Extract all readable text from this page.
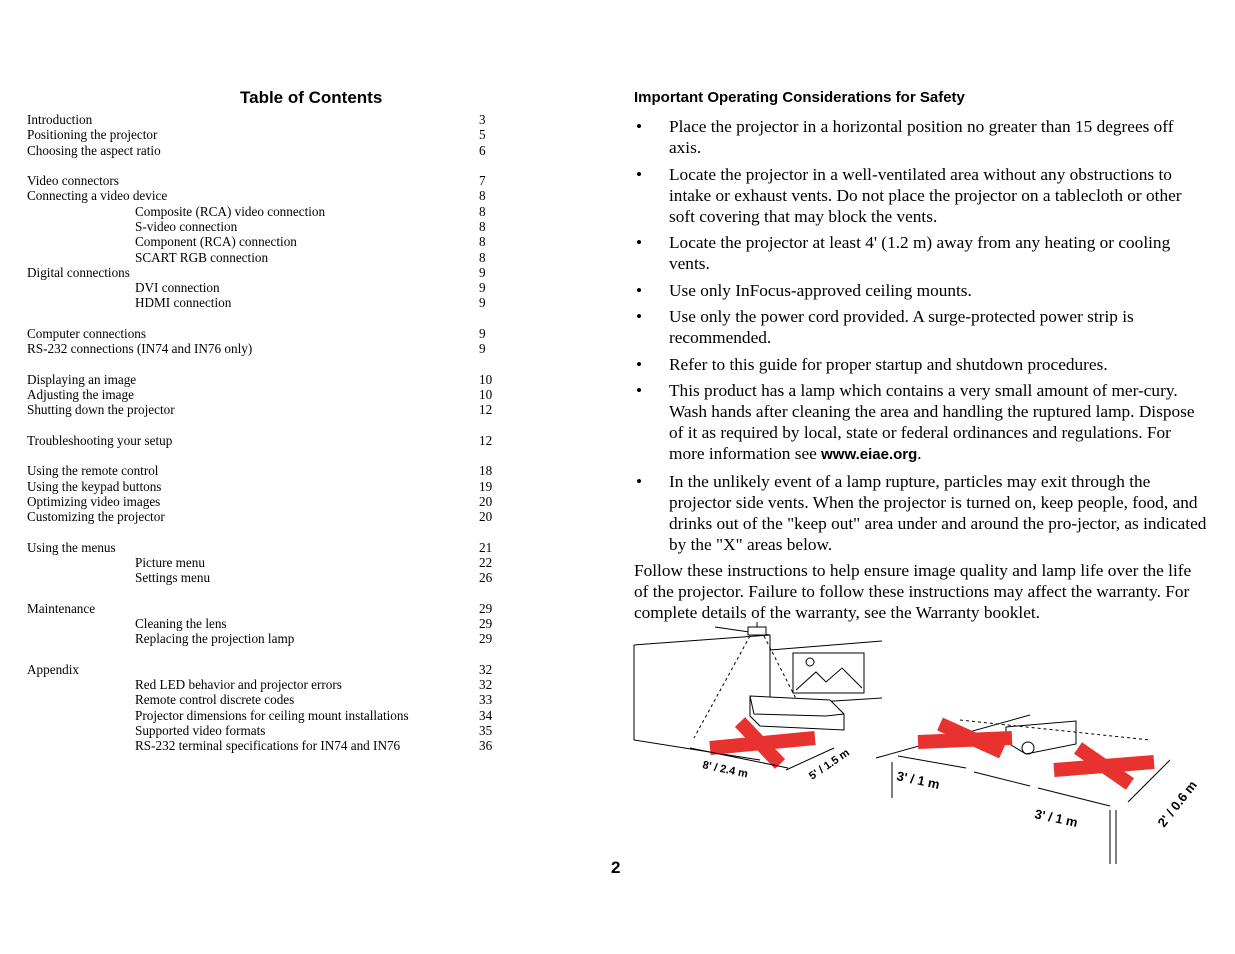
Table of Contents
Introduction	3
Positioning the projector	5
Choosing the aspect ratio	6
Video connectors	7
Connecting a video device	8
Composite (RCA) video connection	8
S-video connection	8
Component (RCA) connection	8
SCART RGB connection	8
Digital connections	9
DVI connection	9
HDMI connection	9
Computer connections	9
RS-232 connections (IN74 and IN76 only)	9
Displaying an image	10
Adjusting the image	10
Shutting down the projector	12
Troubleshooting your setup	12
Using the remote control	18
Using the keypad buttons	19
Optimizing video images	20
Customizing the projector	20
Using the menus	21
Picture menu	22
Settings menu	26
Maintenance	29
Cleaning the lens	29
Replacing the projection lamp	29
Appendix	32
Red LED behavior and projector errors	32
Remote control discrete codes	33
Projector dimensions for ceiling mount installations	34
Supported video formats	35
RS-232 terminal specifications for IN74 and IN76	36
Important Operating Considerations for Safety
• Place the projector in a horizontal position no greater than 15 degrees off axis.
• Locate the projector in a well-ventilated area without any obstructions to intake or exhaust vents. Do not place the projector on a tablecloth or other soft covering that may block the vents.
• Locate the projector at least 4' (1.2 m) away from any heating or cooling vents.
• Use only InFocus-approved ceiling mounts.
• Use only the power cord provided. A surge-protected power strip is recommended.
• Refer to this guide for proper startup and shutdown procedures.
• This product has a lamp which contains a very small amount of mer-cury. Wash hands after cleaning the area and handling the ruptured lamp. Dispose of it as required by local, state or federal ordinances and regulations. For more information see www.eiae.org.
• In the unlikely event of a lamp rupture, particles may exit through the projector side vents. When the projector is turned on, keep people, food, and drinks out of the "keep out" area under and around the pro-jector, as indicated by the "X" areas below.
Follow these instructions to help ensure image quality and lamp life over the life of the projector. Failure to follow these instructions may affect the warranty. For complete details of the warranty, see the Warranty booklet.
8' / 2.4 m	5' / 1.5 m	3' / 1 m
3' / 1 m	2' / 0.6 m
2
